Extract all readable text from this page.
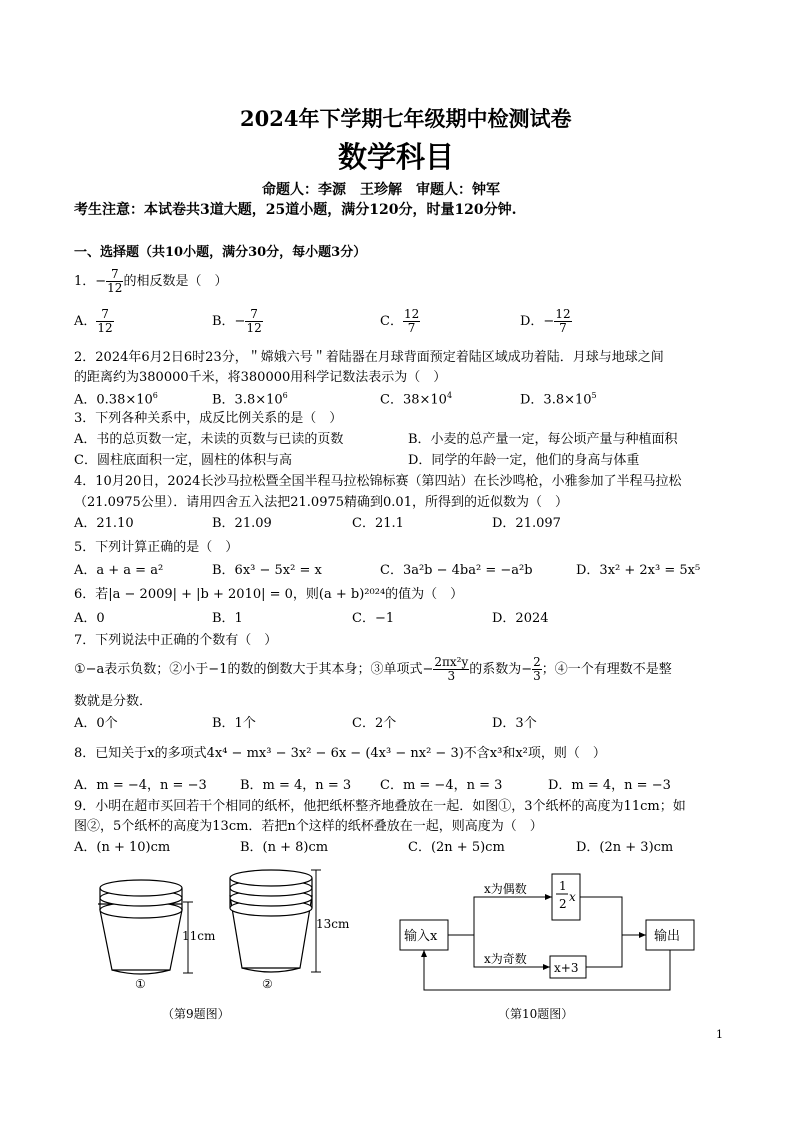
2024年下学期七年级期中检测试卷
数学科目
命题人：李源　王珍解　审题人：钟军
考生注意：本试卷共3道大题，25道小题，满分120分，时量120分钟.
一、选择题（共10小题，满分30分，每小题3分）
1．− $\frac{7}{12}$ 的相反数是（　）
A． $\frac{7}{12}$	B．− $\frac{7}{12}$	C． $\frac{12}{7}$	D．− $\frac{12}{7}$
2．2024年6月2日6时23分，＂嫦娥六号＂着陆器在月球背面预定着陆区域成功着陆．月球与地球之间
的距离约为380000千米，将380000用科学记数法表示为（　）
A．$0.38\times 10^6$	B．$3.8\times 10^6$	C．$38\times 10^4$	D．$3.8\times 10^5$
3．下列各种关系中，成反比例关系的是（　）
A．书的总页数一定，未读的页数与已读的页数	B．小麦的总产量一定，每公顷产量与种植面积
C．圆柱底面积一定，圆柱的体积与高	D．同学的年龄一定，他们的身高与体重
4．10月20日，2024长沙马拉松暨全国半程马拉松锦标赛（第四站）在长沙鸣枪，小雅参加了半程马拉松
（21.0975公里）．请用四舍五入法把21.0975精确到0.01，所得到的近似数为（　）
A．21.10	B．21.09	C．21.1	D．21.097
5．下列计算正确的是（　）
A．a + a = a²	B．6x³ − 5x² = x	C．3a²b − 4ba² = −a²b	D．3x² + 2x³ = 5x⁵
6．若|a − 2009| + |b + 2010| = 0，则(a + b)²⁰²⁴的值为（　）
A．0	B．1	C．−1	D．2024
7．下列说法中正确的个数有（　）
①−a表示负数；②小于−1的数的倒数大于其本身；③单项式− $\frac{\text{2πx²y}}{3}$ 的系数为− $\frac{2}{3}$ ；④一个有理数不是整
数就是分数．
A．0个	B．1个	C．2个	D．3个
8．已知关于x的多项式4x⁴ − mx³ − 3x² − 6x − (4x³ − nx² − 3)不含x³和x²项，则（　）
A．m = −4，n = −3	B．m = 4，n = 3 C．m = −4，n = 3	D．m = 4，n = −3
9．小明在超市买回若干个相同的纸杯，他把纸杯整齐地叠放在一起．如图①，3个纸杯的高度为11cm；如
图②，5个纸杯的高度为13cm．若把n个这样的纸杯叠放在一起，则高度为（　）
A．(n + 10)cm	B．(n + 8)cm	C．(2n + 5)cm	D．(2n + 3)cm
11cm
①
13cm
②
（第9题图）
输入x	输出
x为偶数
x为奇数
1
2 x
x+3
（第10题图）
1
